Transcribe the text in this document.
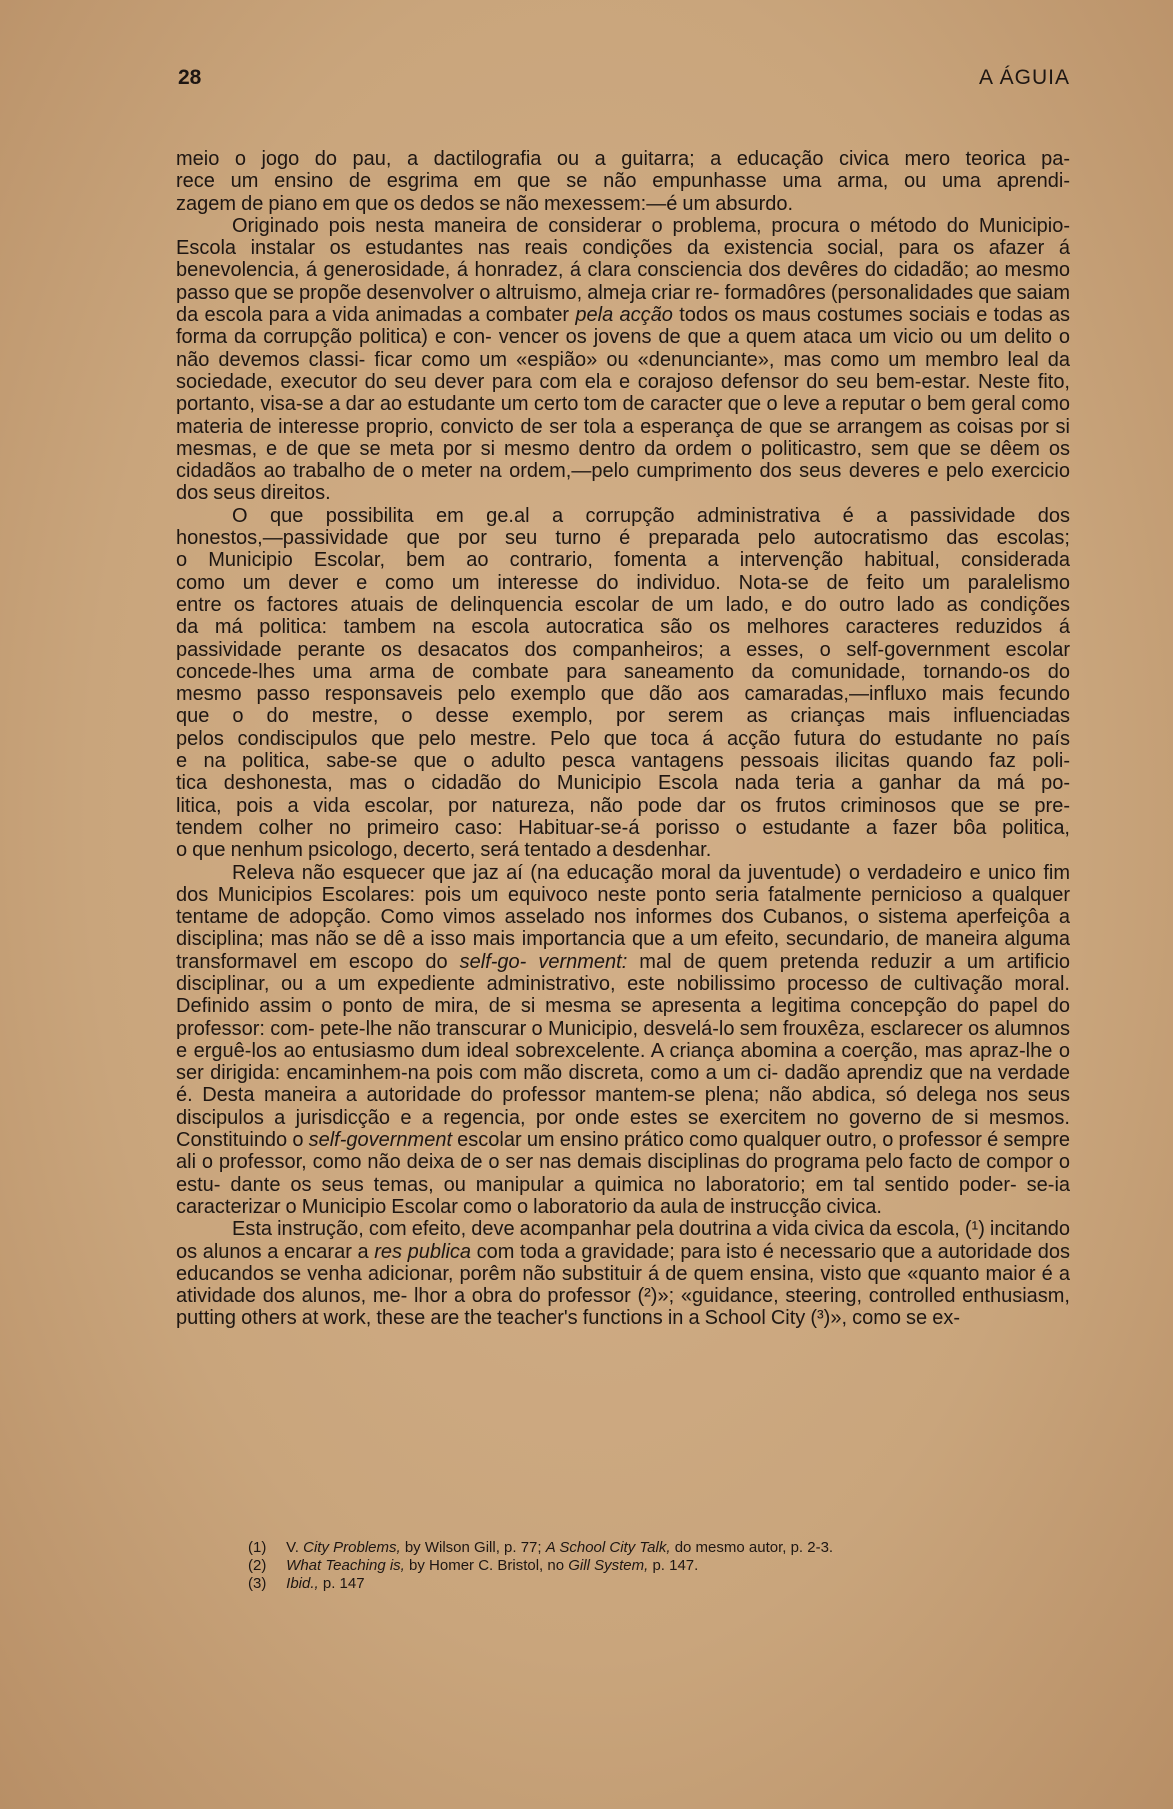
28	A ÁGUIA

meio o jogo do pau, a dactilografia ou a guitarra; a educação civica mero teorica pa-
rece um ensino de esgrima em que se não empunhasse uma arma, ou uma aprendi-
zagem de piano em que os dedos se não mexessem:—é um absurdo.

Originado pois nesta maneira de considerar o problema, procura o método do Municipio-Escola instalar os estudantes nas reais condições da existencia social, para os afazer á benevolencia, á generosidade, á honradez, á clara consciencia dos devêres do cidadão; ao mesmo passo que se propõe desenvolver o altruismo, almeja criar re- formadôres (personalidades que saiam da escola para a vida animadas a combater pela acção todos os maus costumes sociais e todas as forma da corrupção politica) e con- vencer os jovens de que a quem ataca um vicio ou um delito o não devemos classi- ficar como um «espião» ou «denunciante», mas como um membro leal da sociedade, executor do seu dever para com ela e corajoso defensor do seu bem-estar. Neste fito, portanto, visa-se a dar ao estudante um certo tom de caracter que o leve a reputar o bem geral como materia de interesse proprio, convicto de ser tola a esperança de que se arrangem as coisas por si mesmas, e de que se meta por si mesmo dentro da ordem o politicastro, sem que se dêem os cidadãos ao trabalho de o meter na ordem,—pelo cumprimento dos seus deveres e pelo exercicio dos seus direitos.

O que possibilita em ge.al a corrupção administrativa é a passividade dos
honestos,—passividade que por seu turno é preparada pelo autocratismo das escolas;
o Municipio Escolar, bem ao contrario, fomenta a intervenção habitual, considerada
como um dever e como um interesse do individuo. Nota-se de feito um paralelismo
entre os factores atuais de delinquencia escolar de um lado, e do outro lado as condições
da má politica: tambem na escola autocratica são os melhores caracteres reduzidos á
passividade perante os desacatos dos companheiros; a esses, o self-government escolar
concede-lhes uma arma de combate para saneamento da comunidade, tornando-os do
mesmo passo responsaveis pelo exemplo que dão aos camaradas,—influxo mais fecundo
que o do mestre, o desse exemplo, por serem as crianças mais influenciadas
pelos condiscipulos que pelo mestre. Pelo que toca á acção futura do estudante no país
e na politica, sabe-se que o adulto pesca vantagens pessoais ilicitas quando faz poli-
tica deshonesta, mas o cidadão do Municipio Escola nada teria a ganhar da má po-
litica, pois a vida escolar, por natureza, não pode dar os frutos criminosos que se pre-
tendem colher no primeiro caso: Habituar-se-á porisso o estudante a fazer bôa politica,
o que nenhum psicologo, decerto, será tentado a desdenhar.

Releva não esquecer que jaz aí (na educação moral da juventude) o verdadeiro e unico fim dos Municipios Escolares: pois um equivoco neste ponto seria fatalmente pernicioso a qualquer tentame de adopção. Como vimos asselado nos informes dos Cubanos, o sistema aperfeiçôa a disciplina; mas não se dê a isso mais importancia que a um efeito, secundario, de maneira alguma transformavel em escopo do self-go- vernment: mal de quem pretenda reduzir a um artificio disciplinar, ou a um expediente administrativo, este nobilissimo processo de cultivação moral. Definido assim o ponto de mira, de si mesma se apresenta a legitima concepção do papel do professor: com- pete-lhe não transcurar o Municipio, desvelá-lo sem frouxêza, esclarecer os alumnos e erguê-los ao entusiasmo dum ideal sobrexcelente. A criança abomina a coerção, mas apraz-lhe o ser dirigida: encaminhem-na pois com mão discreta, como a um ci- dadão aprendiz que na verdade é. Desta maneira a autoridade do professor mantem-se plena; não abdica, só delega nos seus discipulos a jurisdicção e a regencia, por onde estes se exercitem no governo de si mesmos. Constituindo o self-government escolar um ensino prático como qualquer outro, o professor é sempre ali o professor, como não deixa de o ser nas demais disciplinas do programa pelo facto de compor o estu- dante os seus temas, ou manipular a quimica no laboratorio; em tal sentido poder- se-ia caracterizar o Municipio Escolar como o laboratorio da aula de instrucção civica.

Esta instrução, com efeito, deve acompanhar pela doutrina a vida civica da escola, (¹) incitando os alunos a encarar a res publica com toda a gravidade; para isto é necessario que a autoridade dos educandos se venha adicionar, porêm não substituir á de quem ensina, visto que «quanto maior é a atividade dos alunos, me- lhor a obra do professor (²)»; «guidance, steering, controlled enthusiasm, putting others at work, these are the teacher's functions in a School City (³)», como se ex-

(1) V. City Problems, by Wilson Gill, p. 77; A School City Talk, do mesmo autor, p. 2-3.
(2) What Teaching is, by Homer C. Bristol, no Gill System, p. 147.
(3) Ibid., p. 147
